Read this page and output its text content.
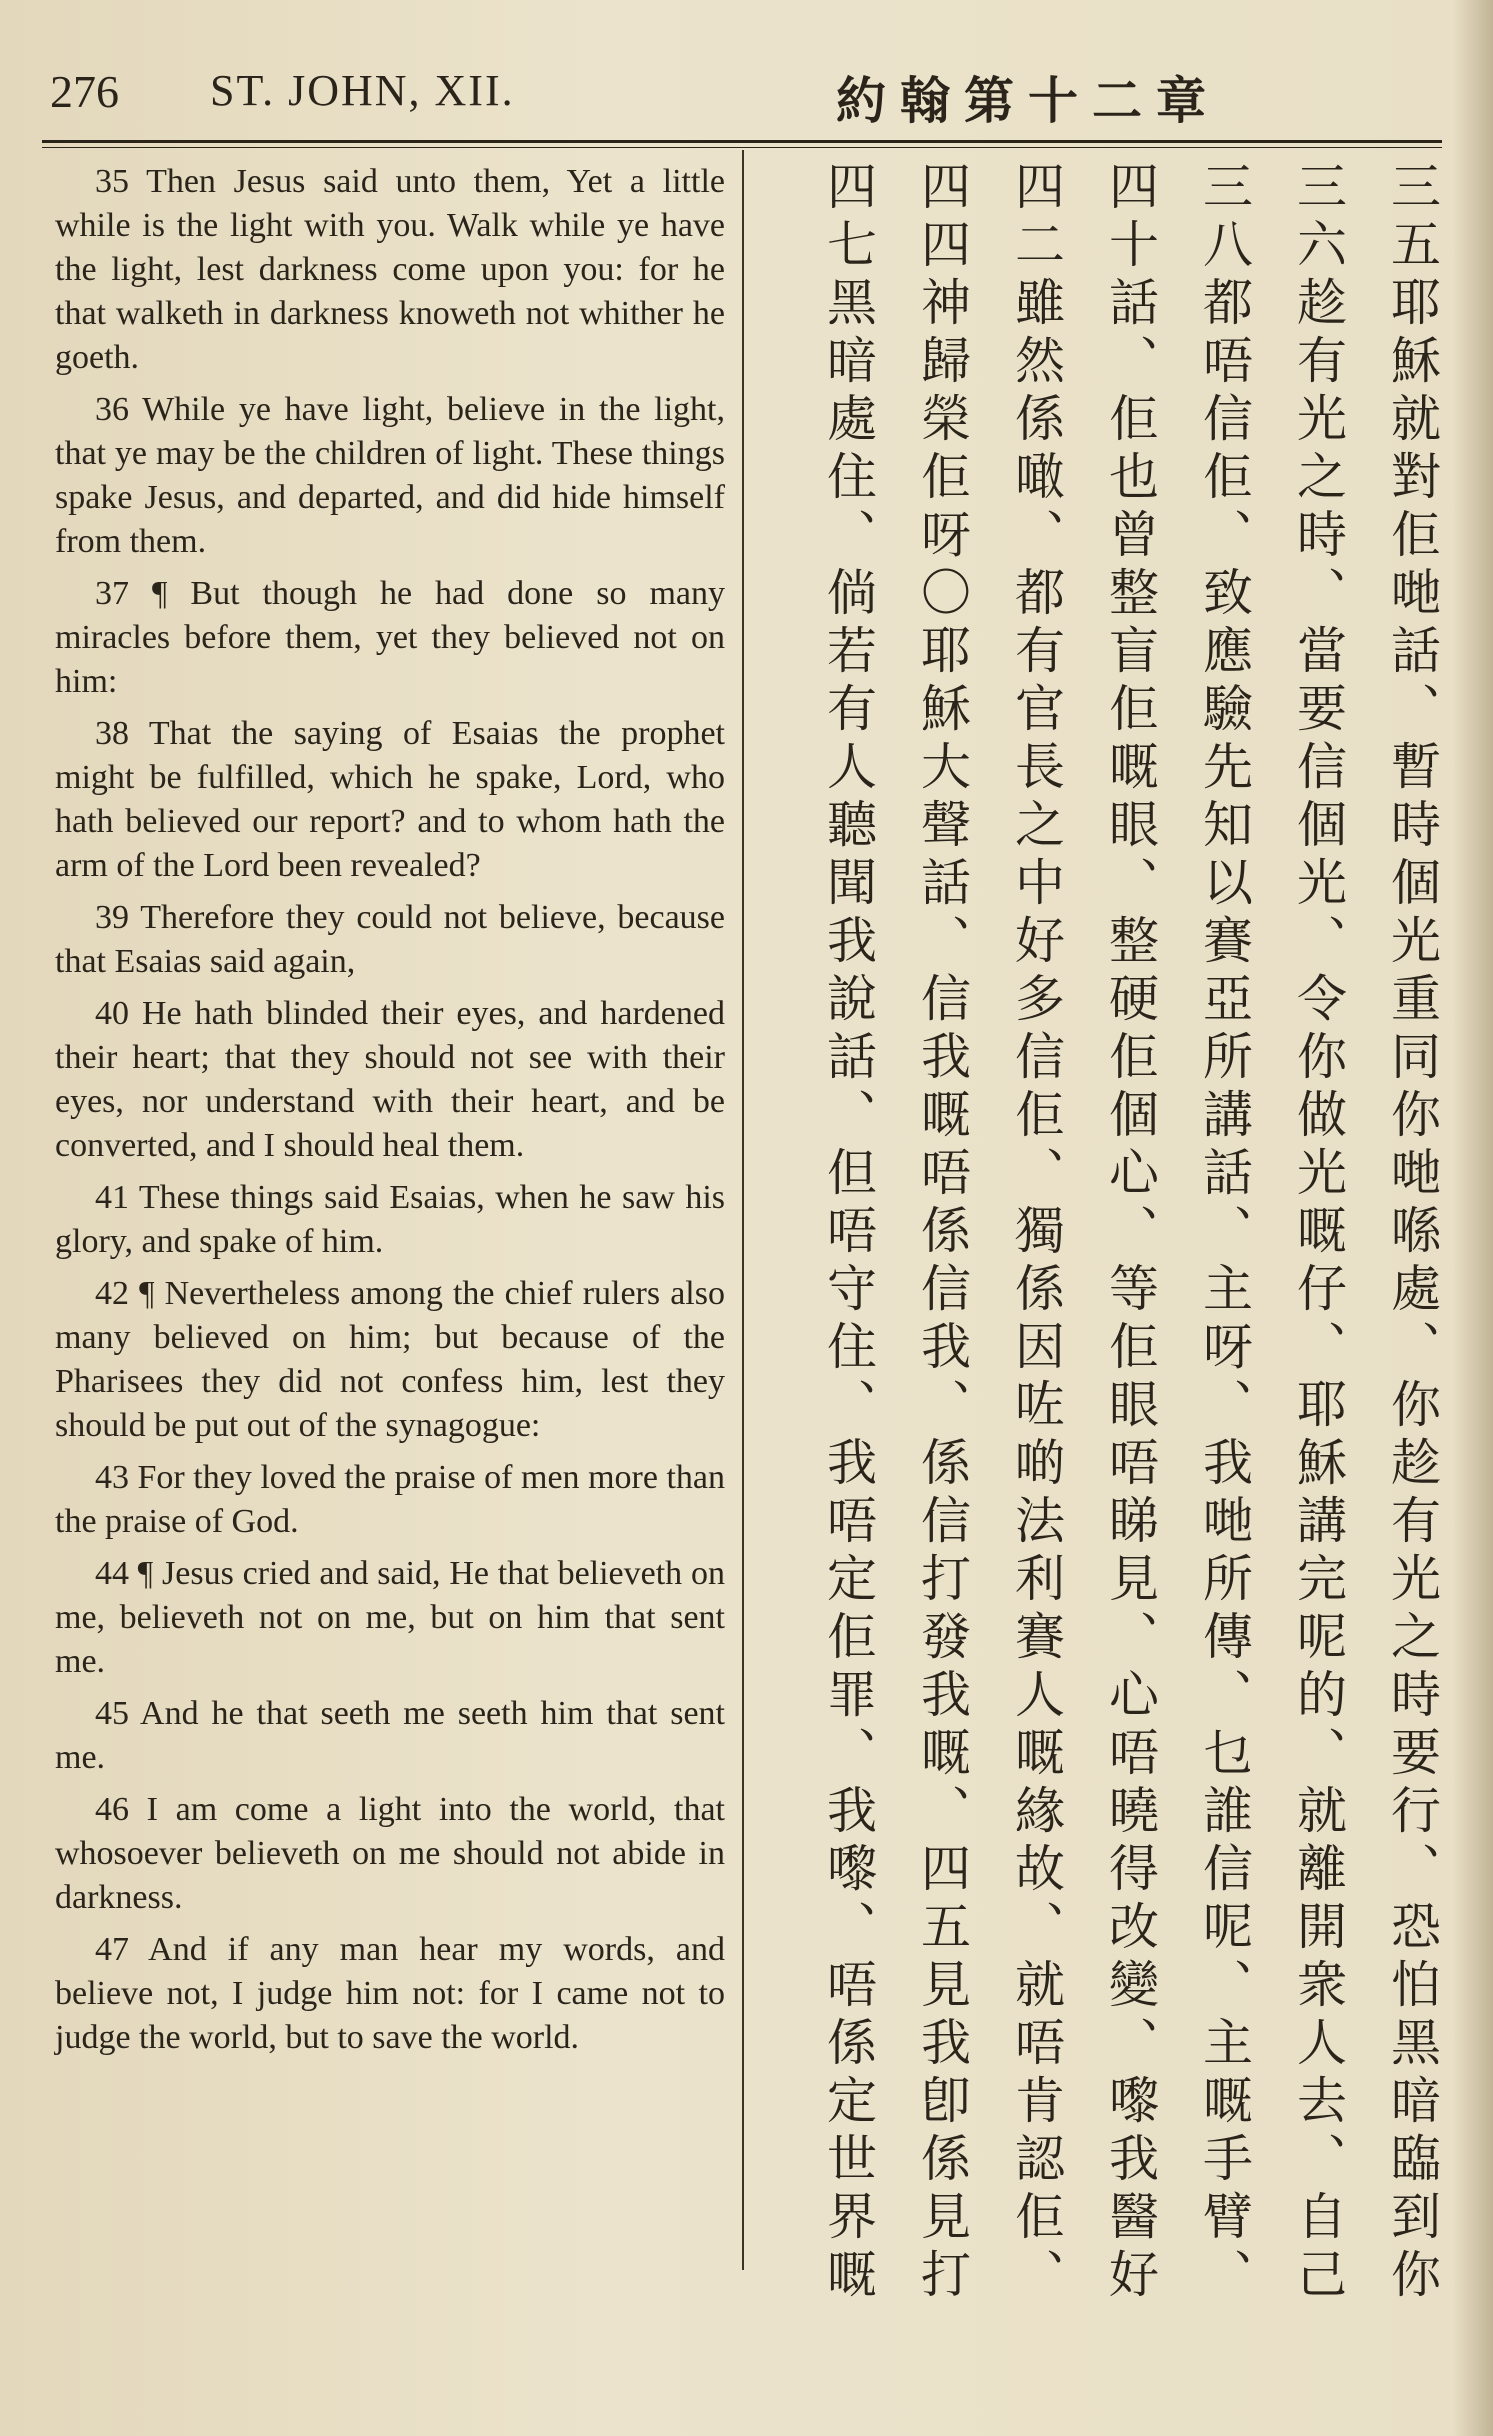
276 ST. JOHN, XII.	約翰第十二章

35 Then Jesus said unto them, Yet a little while is the light with you. Walk while ye have the light, lest darkness come upon you: for he that walketh in darkness knoweth not whither he goeth.

36 While ye have light, believe in the light, that ye may be the children of light. These things spake Jesus, and departed, and did hide himself from them.

37 ¶ But though he had done so many miracles before them, yet they believed not on him:

38 That the saying of Esaias the prophet might be fulfilled, which he spake, Lord, who hath believed our report? and to whom hath the arm of the Lord been revealed?

39 Therefore they could not believe, because that Esaias said again,

40 He hath blinded their eyes, and hardened their heart; that they should not see with their eyes, nor understand with their heart, and be converted, and I should heal them.

41 These things said Esaias, when he saw his glory, and spake of him.

42 ¶ Nevertheless among the chief rulers also many believed on him; but because of the Pharisees they did not confess him, lest they should be put out of the synagogue:

43 For they loved the praise of men more than the praise of God.

44 ¶ Jesus cried and said, He that believeth on me, believeth not on me, but on him that sent me.

45 And he that seeth me seeth him that sent me.

46 I am come a light into the world, that whosoever believeth on me should not abide in darkness.

47 And if any man hear my words, and believe not, I judge him not: for I came not to judge the world, but to save the world.

三五耶穌就對佢哋話、暫時個光重同你哋喺處、你趁有光之時要行、恐怕黑暗臨到你
三六趁有光之時、當要信個光、令你做光嘅仔、耶穌講完呢的、就離開衆人去、自己
三八都唔信佢、致應驗先知以賽亞所講話、主呀、我哋所傳、乜誰信呢、主嘅手臂、
四十話、佢也曾整盲佢嘅眼、整硬佢個心、等佢眼唔睇見、心唔曉得改變、嚟我醫好
四二雖然係噉、都有官長之中好多信佢、獨係因咗啲法利賽人嘅緣故、就唔肯認佢、
四四神歸榮佢呀〇耶穌大聲話、信我嘅唔係信我、係信打發我嘅、四五見我卽係見打
四七黑暗處住、倘若有人聽聞我說話、但唔守住、我唔定佢罪、我嚟、唔係定世界嘅
